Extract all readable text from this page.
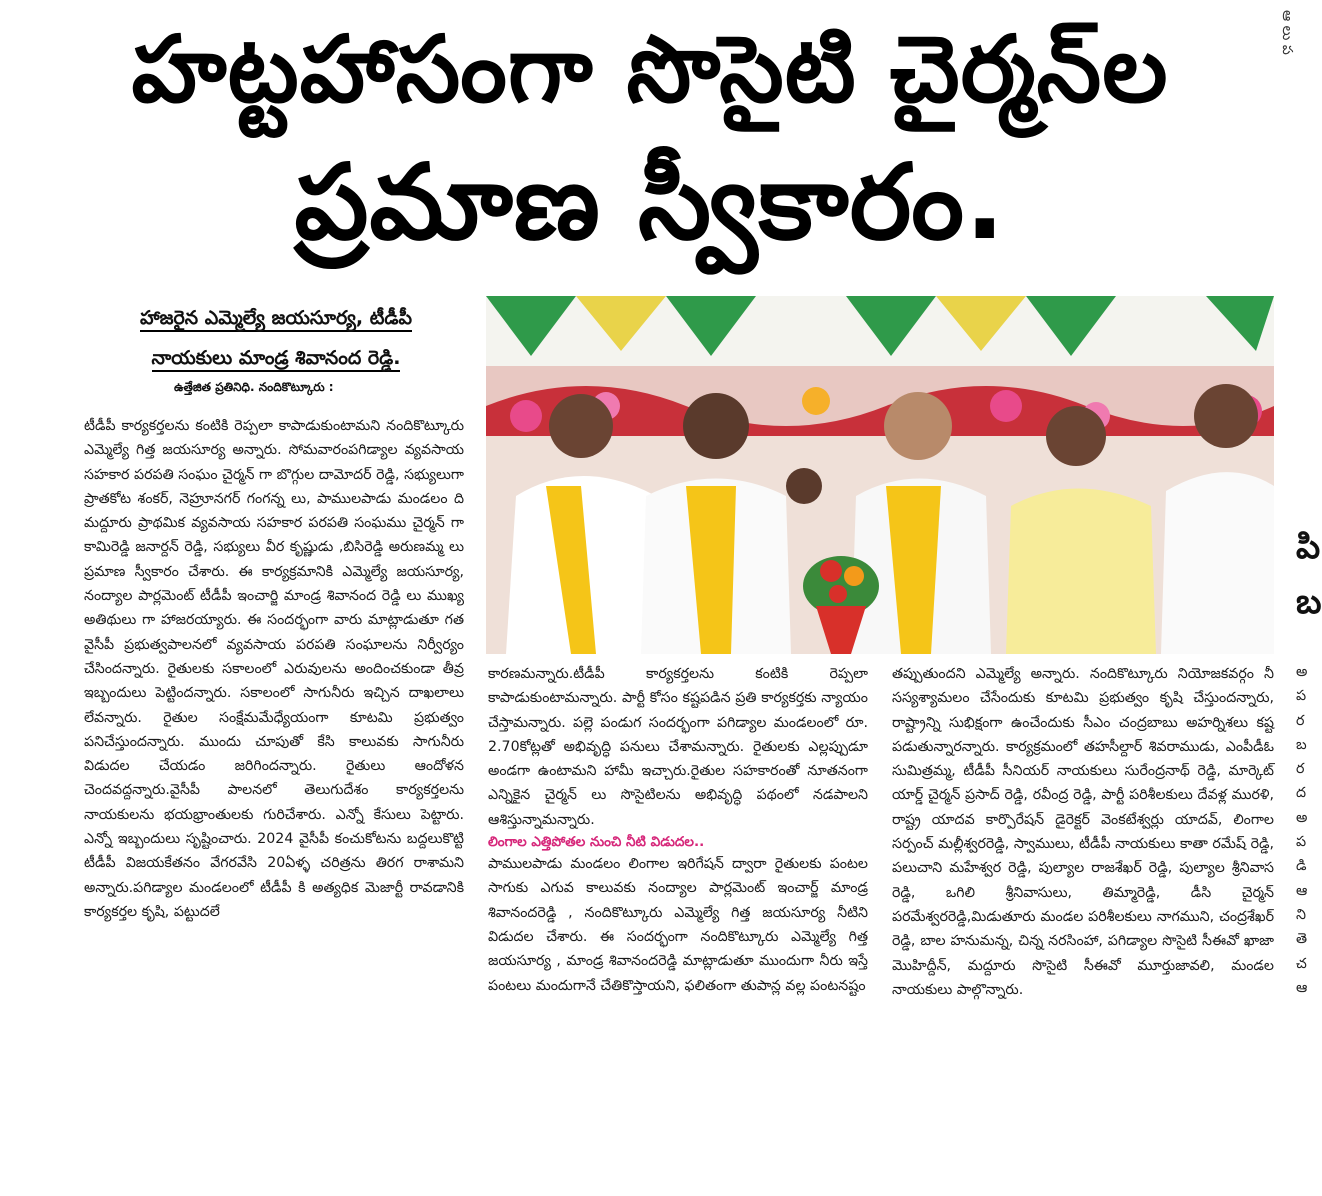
హట్టహాసంగా సొసైటి చైర్మన్‌ల
ప్రమాణ స్వీకారం.
హాజరైన ఎమ్మెల్యే జయసూర్య, టీడీపీ
నాయకులు మాండ్ర శివానంద రెడ్డి.

ఉత్తేజిత ప్రతినిధి. నందికొట్కూరు :

టీడీపీ కార్యకర్తలను కంటికి రెప్పలా కాపాడుకుంటామని నందికొట్కూరు ఎమ్మెల్యే గిత్త జయసూర్య అన్నారు. సోమవారంపగిడ్యాల వ్యవసాయ సహకార పరపతి సంఘం చైర్మన్ గా బొగ్గుల దామోదర్ రెడ్డి, సభ్యులుగా ప్రాతకోట శంకర్, నెహ్రూనగర్ గంగన్న లు, పాములపాడు మండలం ది మద్దూరు ప్రాథమిక వ్యవసాయ సహకార పరపతి సంఘము చైర్మన్ గా కామిరెడ్డి జనార్దన్ రెడ్డి, సభ్యులు వీర కృష్ణుడు ,బిసిరెడ్డి అరుణమ్మ లు ప్రమాణ స్వీకారం చేశారు. ఈ కార్యక్రమానికి ఎమ్మెల్యే జయసూర్య, నంద్యాల పార్లమెంట్ టీడీపీ ఇంచార్జి మాండ్ర శివానంద రెడ్డి లు ముఖ్య అతిథులు గా హాజరయ్యారు. ఈ సందర్భంగా వారు మాట్లాడుతూ గత వైసీపీ ప్రభుత్వపాలనలో వ్యవసాయ పరపతి సంఘాలను నిర్వీర్యం చేసిందన్నారు. రైతులకు సకాలంలో ఎరువులను అందించకుండా తీవ్ర ఇబ్బందులు పెట్టిందన్నారు. సకాలంలో సాగునీరు ఇచ్చిన దాఖలాలు లేవన్నారు. రైతుల సంక్షేమమేధ్యేయంగా కూటమి ప్రభుత్వం పనిచేస్తుందన్నారు. ముందు చూపుతో కేసి కాలువకు సాగునీరు విడుదల చేయడం జరిగిందన్నారు. రైతులు ఆందోళన చెందవద్దన్నారు.వైసీపీ పాలనలో తెలుగుదేశం కార్యకర్తలను నాయకులను భయభ్రాంతులకు గురిచేశారు. ఎన్నో కేసులు పెట్టారు. ఎన్నో ఇబ్బందులు సృష్టించారు. 2024 వైసీపీ కంచుకోటను బద్దలుకొట్టి టీడీపీ విజయకేతనం వేగరవేసి 20ఏళ్ళ చరిత్రను తిరగ రాశామని అన్నారు.పగిడ్యాల మండలంలో టీడీపీ కి అత్యధిక మెజార్టీ రావడానికి కార్యకర్తల కృషి, పట్టుదలే

కారణమన్నారు.టీడీపీ కార్యకర్తలను కంటికి రెప్పలా కాపాడుకుంటామన్నారు. పార్టీ కోసం కష్టపడిన ప్రతి కార్యకర్తకు న్యాయం చేస్తామన్నారు. పల్లె పండుగ సందర్భంగా పగిడ్యాల మండలంలో రూ. 2.70కోట్లతో అభివృద్ధి పనులు చేశామన్నారు. రైతులకు ఎల్లప్పుడూ అండగా ఉంటామని హామీ ఇచ్చారు.రైతుల సహకారంతో నూతనంగా ఎన్నికైన చైర్మన్ లు సొసైటిలను అభివృద్ధి పథంలో నడపాలని ఆశిస్తున్నామన్నారు.

లింగాల ఎత్తిపోతల నుంచి నీటి విడుదల..

పాములపాడు మండలం లింగాల ఇరిగేషన్ ద్వారా రైతులకు పంటల సాగుకు ఎగువ కాలువకు నంద్యాల పార్లమెంట్ ఇంచార్జ్ మాండ్ర శివానందరెడ్డి , నందికొట్కూరు ఎమ్మెల్యే గిత్త జయసూర్య నీటిని విడుదల చేశారు. ఈ సందర్భంగా నందికొట్కూరు ఎమ్మెల్యే గిత్త జయసూర్య , మాండ్ర శివానందరెడ్డి మాట్లాడుతూ ముందుగా నీరు ఇస్తే పంటలు మందుగానే చేతికొస్తాయని, ఫలితంగా తుపాన్ల వల్ల పంటనష్టం

తప్పుతుందని ఎమ్మెల్యే అన్నారు. నందికొట్కూరు నియోజకవర్గం నీ సస్యశ్యామలం చేసేందుకు కూటమి ప్రభుత్వం కృషి చేస్తుందన్నారు, రాష్ట్రాన్ని సుభిక్షంగా ఉంచేందుకు సీఎం చంద్రబాబు అహర్నిశలు కష్ట పడుతున్నారన్నారు. కార్యక్రమంలో తహసీల్దార్ శివరాముడు, ఎంపీడీఓ సుమిత్రమ్మ, టీడీపీ సీనియర్ నాయకులు సురేంద్రనాథ్ రెడ్డి, మార్కెట్ యార్డ్ చైర్మన్ ప్రసాద్ రెడ్డి, రవీంద్ర రెడ్డి, పార్టీ పరిశీలకులు దేవళ్ల మురళి, రాష్ట్ర యాదవ కార్పొరేషన్ డైరెక్టర్ వెంకటేశ్వర్లు యాదవ్, లింగాల సర్పంచ్ మల్లీశ్వరరెడ్డి, స్వాములు, టీడీపీ నాయకులు కాతా రమేష్ రెడ్డి, పలుచాని మహేశ్వర రెడ్డి, పుల్యాల రాజశేఖర్ రెడ్డి, పుల్యాల శ్రీనివాస రెడ్డి, ఒగిలి శ్రీనివాసులు, తిమ్మారెడ్డి, డీసి చైర్మన్ పరమేశ్వరరెడ్డి,మిడుతూరు మండల పరిశీలకులు నాగముని, చంద్రశేఖర్ రెడ్డి, బాల హనుమన్న, చిన్న నరసింహా, పగిడ్యాల సొసైటి సీఈవో ఖాజా మొహిద్దీన్, మద్దూరు సొసైటి సీఈవో మూర్తుజావలి, మండల నాయకులు పాల్గొన్నారు.

ఆ లు ప
పి బ
అ
ప
ర
బ
ర
ద
అ
ప
డి
ఆ
ని
తె
చ
ఆ
